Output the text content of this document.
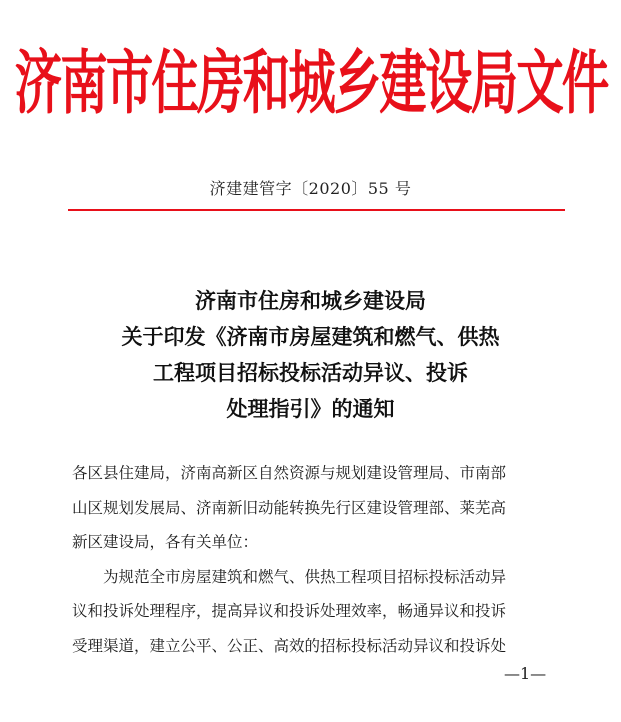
济南市住房和城乡建设局文件
济建建管字〔2020〕55 号
济南市住房和城乡建设局
关于印发《济南市房屋建筑和燃气、供热
工程项目招标投标活动异议、投诉
处理指引》的通知
各区县住建局，济南高新区自然资源与规划建设管理局、市南部
山区规划发展局、济南新旧动能转换先行区建设管理部、莱芜高
新区建设局，各有关单位：
为规范全市房屋建筑和燃气、供热工程项目招标投标活动异
议和投诉处理程序，提高异议和投诉处理效率，畅通异议和投诉
受理渠道，建立公平、公正、高效的招标投标活动异议和投诉处
—1—
